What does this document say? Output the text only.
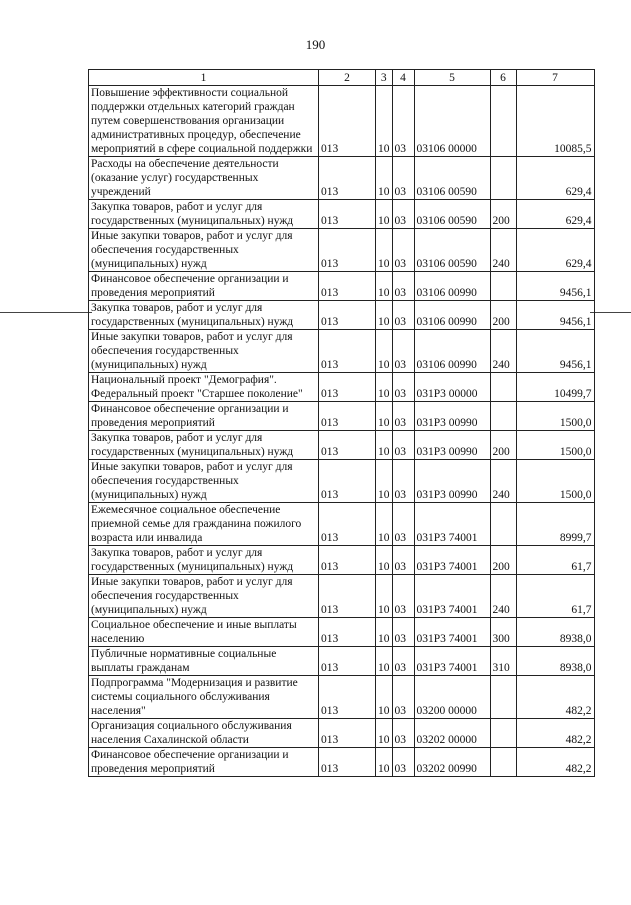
190
1	2	3	4	5	6	7
Повышение эффективности социальной поддержки отдельных категорий граждан путем совершенствования организации административных процедур, обеспечение мероприятий в сфере социальной поддержки	013	10	03	03106 00000		10085,5
Расходы на обеспечение деятельности (оказание услуг) государственных учреждений	013	10	03	03106 00590		629,4
Закупка товаров, работ и услуг для государственных (муниципальных) нужд	013	10	03	03106 00590	200	629,4
Иные закупки товаров, работ и услуг для обеспечения государственных (муниципальных) нужд	013	10	03	03106 00590	240	629,4
Финансовое обеспечение организации и проведения мероприятий	013	10	03	03106 00990		9456,1
Закупка товаров, работ и услуг для государственных (муниципальных) нужд	013	10	03	03106 00990	200	9456,1
Иные закупки товаров, работ и услуг для обеспечения государственных (муниципальных) нужд	013	10	03	03106 00990	240	9456,1
Национальный проект "Демография". Федеральный проект "Старшее поколение"	013	10	03	031Р3 00000		10499,7
Финансовое обеспечение организации и проведения мероприятий	013	10	03	031Р3 00990		1500,0
Закупка товаров, работ и услуг для государственных (муниципальных) нужд	013	10	03	031Р3 00990	200	1500,0
Иные закупки товаров, работ и услуг для обеспечения государственных (муниципальных) нужд	013	10	03	031Р3 00990	240	1500,0
Ежемесячное социальное обеспечение приемной семье для гражданина пожилого возраста или инвалида	013	10	03	031Р3 74001		8999,7
Закупка товаров, работ и услуг для государственных (муниципальных) нужд	013	10	03	031Р3 74001	200	61,7
Иные закупки товаров, работ и услуг для обеспечения государственных (муниципальных) нужд	013	10	03	031Р3 74001	240	61,7
Социальное обеспечение и иные выплаты населению	013	10	03	031Р3 74001	300	8938,0
Публичные нормативные социальные выплаты гражданам	013	10	03	031Р3 74001	310	8938,0
Подпрограмма "Модернизация и развитие системы социального обслуживания населения"	013	10	03	03200 00000		482,2
Организация социального обслуживания населения Сахалинской области	013	10	03	03202 00000		482,2
Финансовое обеспечение организации и проведения мероприятий	013	10	03	03202 00990		482,2
